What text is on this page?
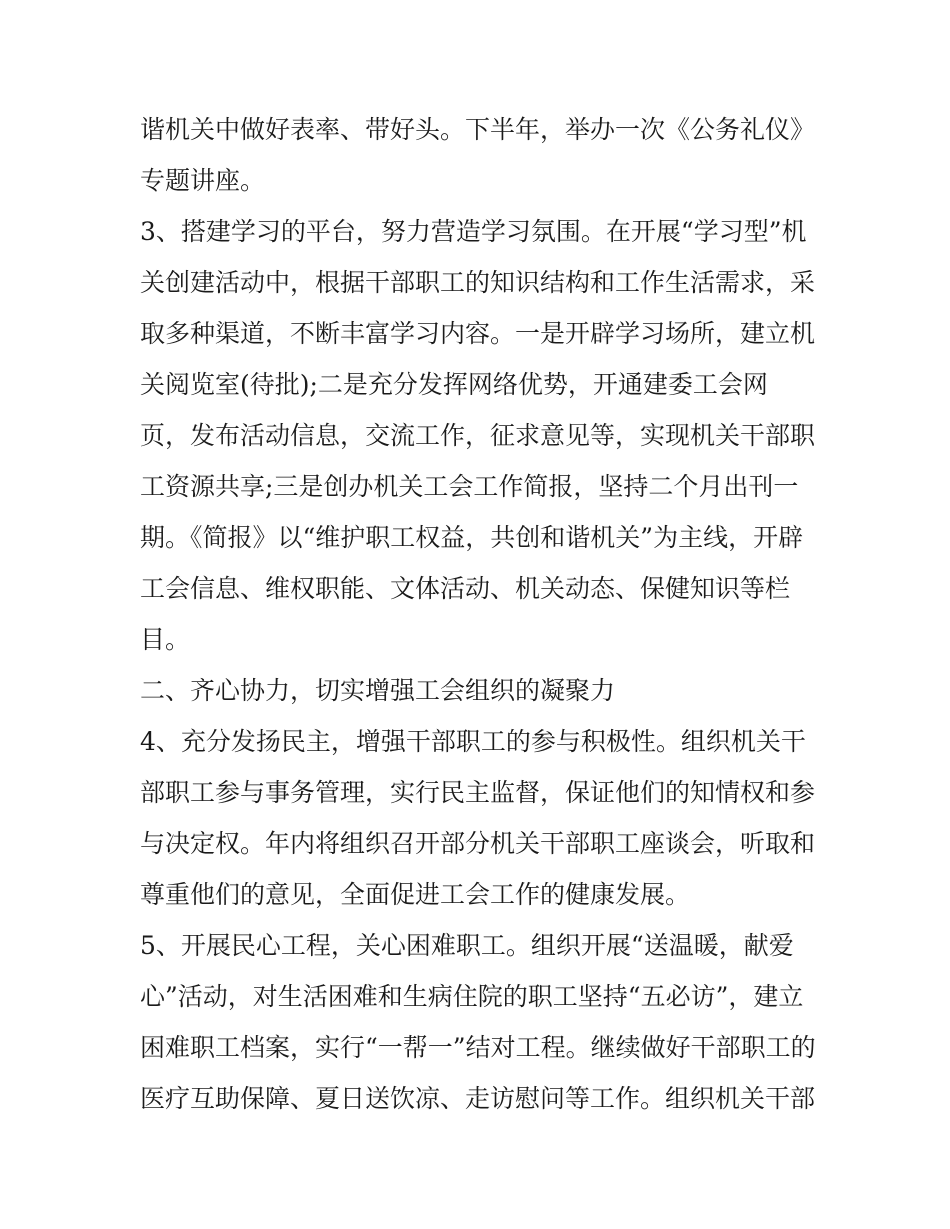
谐机关中做好表率、带好头。下半年，举办一次《公务礼仪》
专题讲座。
3、搭建学习的平台，努力营造学习氛围。在开展“学习型”机
关创建活动中，根据干部职工的知识结构和工作生活需求，采
取多种渠道，不断丰富学习内容。一是开辟学习场所，建立机
关阅览室(待批);二是充分发挥网络优势，开通建委工会网
页，发布活动信息，交流工作，征求意见等，实现机关干部职
工资源共享;三是创办机关工会工作简报，坚持二个月出刊一
期。《简报》以“维护职工权益，共创和谐机关”为主线，开辟
工会信息、维权职能、文体活动、机关动态、保健知识等栏
目。
二、齐心协力，切实增强工会组织的凝聚力
4、充分发扬民主，增强干部职工的参与积极性。组织机关干
部职工参与事务管理，实行民主监督，保证他们的知情权和参
与决定权。年内将组织召开部分机关干部职工座谈会，听取和
尊重他们的意见，全面促进工会工作的健康发展。
5、开展民心工程，关心困难职工。组织开展“送温暖，献爱
心”活动，对生活困难和生病住院的职工坚持“五必访”，建立
困难职工档案，实行“一帮一”结对工程。继续做好干部职工的
医疗互助保障、夏日送饮凉、走访慰问等工作。组织机关干部
